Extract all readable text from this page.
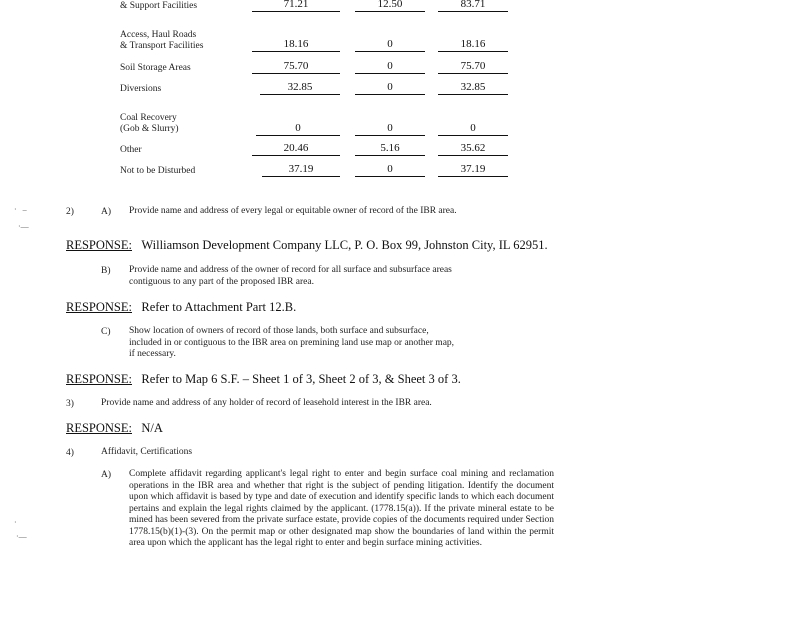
& Support Facilities	71.21	12.50	83.71
Access, Haul Roads
& Transport Facilities	18.16	0	18.16
Soil Storage Areas	75.70	0	75.70
Diversions	32.85	0	32.85
Coal Recovery
(Gob & Slurry)	0	0	0
Other	20.46	5.16	35.62
Not to be Disturbed	37.19	0	37.19
·   –
·—
·
·—
2)	A) Provide name and address of every legal or equitable owner of record of the IBR area.
RESPONSE: Williamson Development Company LLC, P. O. Box 99, Johnston City, IL 62951.
B) Provide name and address of the owner of record for all surface and subsurface areas contiguous to any part of the proposed IBR area.
RESPONSE: Refer to Attachment Part 12.B.
C) Show location of owners of record of those lands, both surface and subsurface, included in or contiguous to the IBR area on premining land use map or another map, if necessary.
RESPONSE: Refer to Map 6 S.F. – Sheet 1 of 3, Sheet 2 of 3, & Sheet 3 of 3.
3)	Provide name and address of any holder of record of leasehold interest in the IBR area.
RESPONSE: N/A
4)	Affidavit, Certifications
A) Complete affidavit regarding applicant's legal right to enter and begin surface coal mining and reclamation operations in the IBR area and whether that right is the subject of pending litigation. Identify the document upon which affidavit is based by type and date of execution and identify specific lands to which each document pertains and explain the legal rights claimed by the applicant. (1778.15(a)). If the private mineral estate to be mined has been severed from the private surface estate, provide copies of the documents required under Section 1778.15(b)(1)-(3). On the permit map or other designated map show the boundaries of land within the permit area upon which the applicant has the legal right to enter and begin surface mining activities.
